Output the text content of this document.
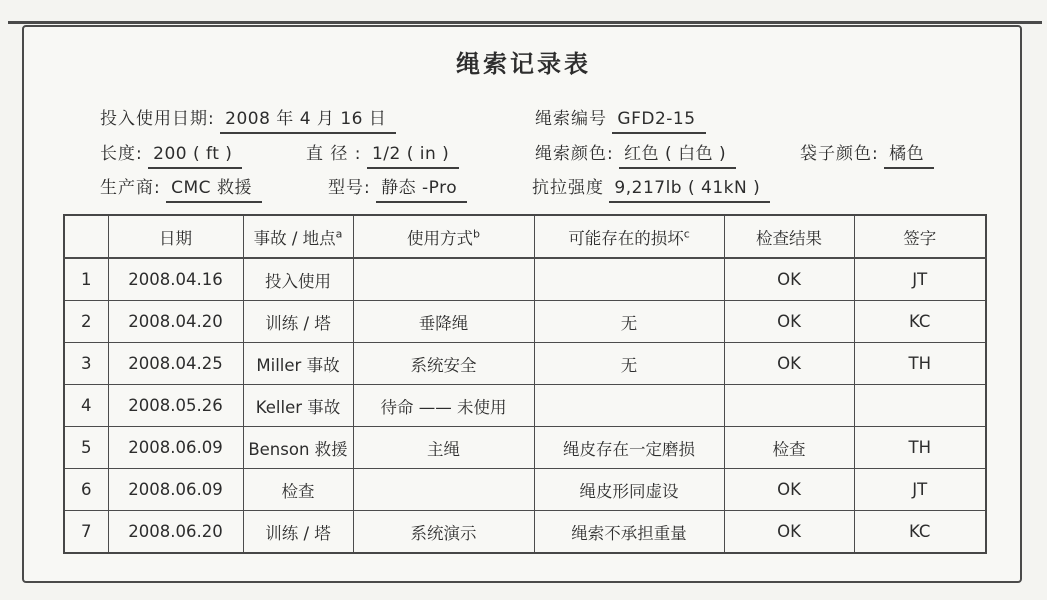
绳索记录表
投入使用日期: 2008 年 4 月 16 日	绳索编号 GFD2-15
长度: 200 ( ft )	直 径 : 1/2 ( in )	绳索颜色: 红色 ( 白色 )	袋子颜色: 橘色
生产商: CMC 救援	型号: 静态 -Pro	抗拉强度 9,217lb ( 41kN )
	日期	事故 / 地点$^a$	使用方式$^b$	可能存在的损坏$^c$	检查结果	签字
1	2008.04.16	投入使用			OK	JT
2	2008.04.20	训练 / 塔	垂降绳	无	OK	KC
3	2008.04.25	Miller 事故	系统安全	无	OK	TH
4	2008.05.26	Keller 事故	待命 —— 未使用			
5	2008.06.09	Benson 救援	主绳	绳皮存在一定磨损	检查	TH
6	2008.06.09	检查		绳皮形同虚设	OK	JT
7	2008.06.20	训练 / 塔	系统演示	绳索不承担重量	OK	KC
